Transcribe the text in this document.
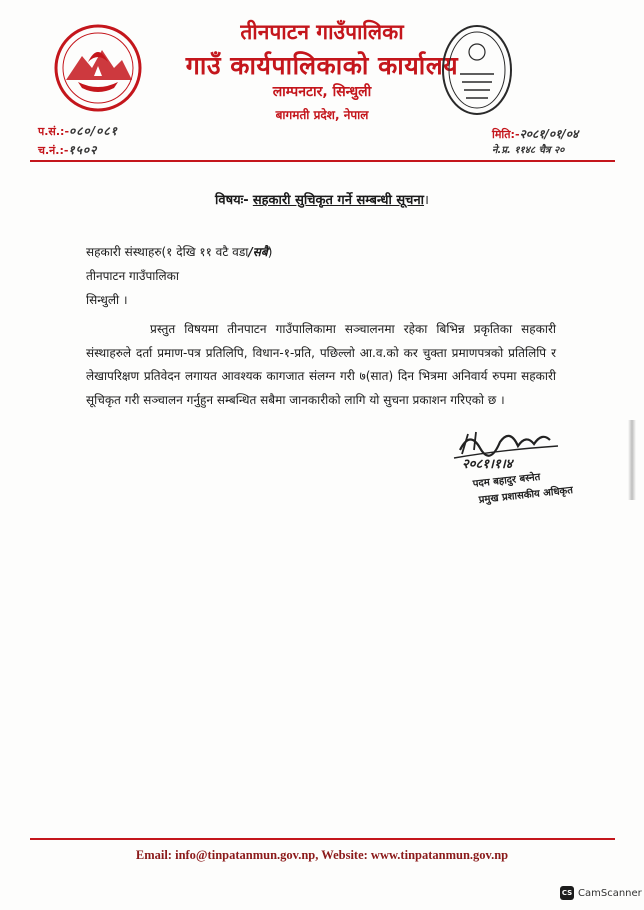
तीनपाटन गाउँपालिका
गाउँ कार्यपालिकाको कार्यालय
लाम्पनटार, सिन्धुली
बागमती प्रदेश, नेपाल
प.सं.:-०८०/०८१
च.नं.:-१५०२
मिति:-२०८१/०१/०४
ने.प्र. ११४८ चैत्र २०
विषयः- सहकारी सुचिकृत गर्ने सम्बन्धी सूचना।
सहकारी संस्थाहरु(१ देखि ११ वटै वडा/सबै)
तीनपाटन गाउँपालिका
सिन्धुली ।

प्रस्तुत विषयमा तीनपाटन गाउँपालिकामा सञ्चालनमा रहेका बिभिन्न प्रकृतिका सहकारी संस्थाहरुले दर्ता प्रमाण-पत्र प्रतिलिपि, विधान-१-प्रति, पछिल्लो आ.व.को कर चुक्ता प्रमाणपत्रको प्रतिलिपि र लेखापरिक्षण प्रतिवेदन लगायत आवश्यक कागजात संलग्न गरी ७(सात) दिन भित्रमा अनिवार्य रुपमा सहकारी सूचिकृत गरी सञ्चालन गर्नुहुन सम्बन्धित सबैमा जानकारीको लागि यो सुचना प्रकाशन गरिएको छ ।

२०८१।१।४
पदम बहादुर बस्नेत
प्रमुख प्रशासकीय अधिकृत
Email: info@tinpatanmun.gov.np, Website: www.tinpatanmun.gov.np
CS CamScanner
